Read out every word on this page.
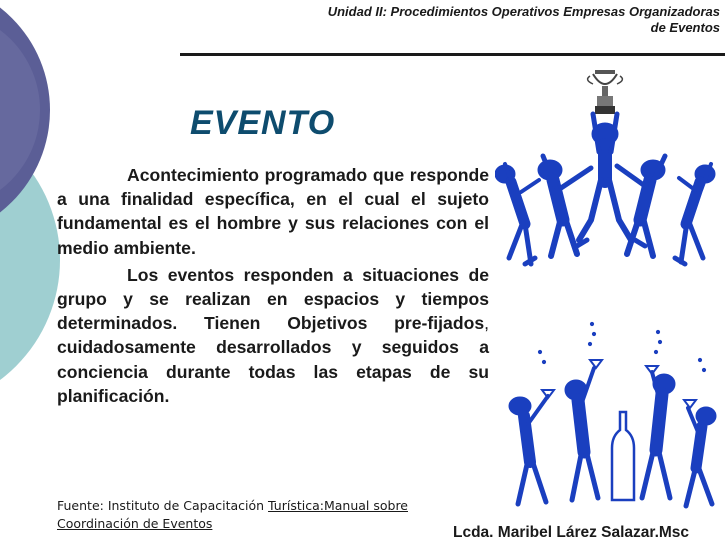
Unidad II: Procedimientos Operativos Empresas Organizadoras
de Eventos
EVENTO

Acontecimiento programado que responde a una finalidad específica, en el cual el sujeto fundamental es el hombre y sus relaciones con el medio ambiente.

Los eventos responden a situaciones de grupo y se realizan en espacios y tiempos determinados. Tienen Objetivos pre-fijados, cuidadosamente desarrollados y seguidos a conciencia durante todas las etapas de su planificación.

Fuente: Instituto de Capacitación Turística:Manual sobre Coordinación de Eventos
Lcda. Maribel Lárez Salazar.Msc
